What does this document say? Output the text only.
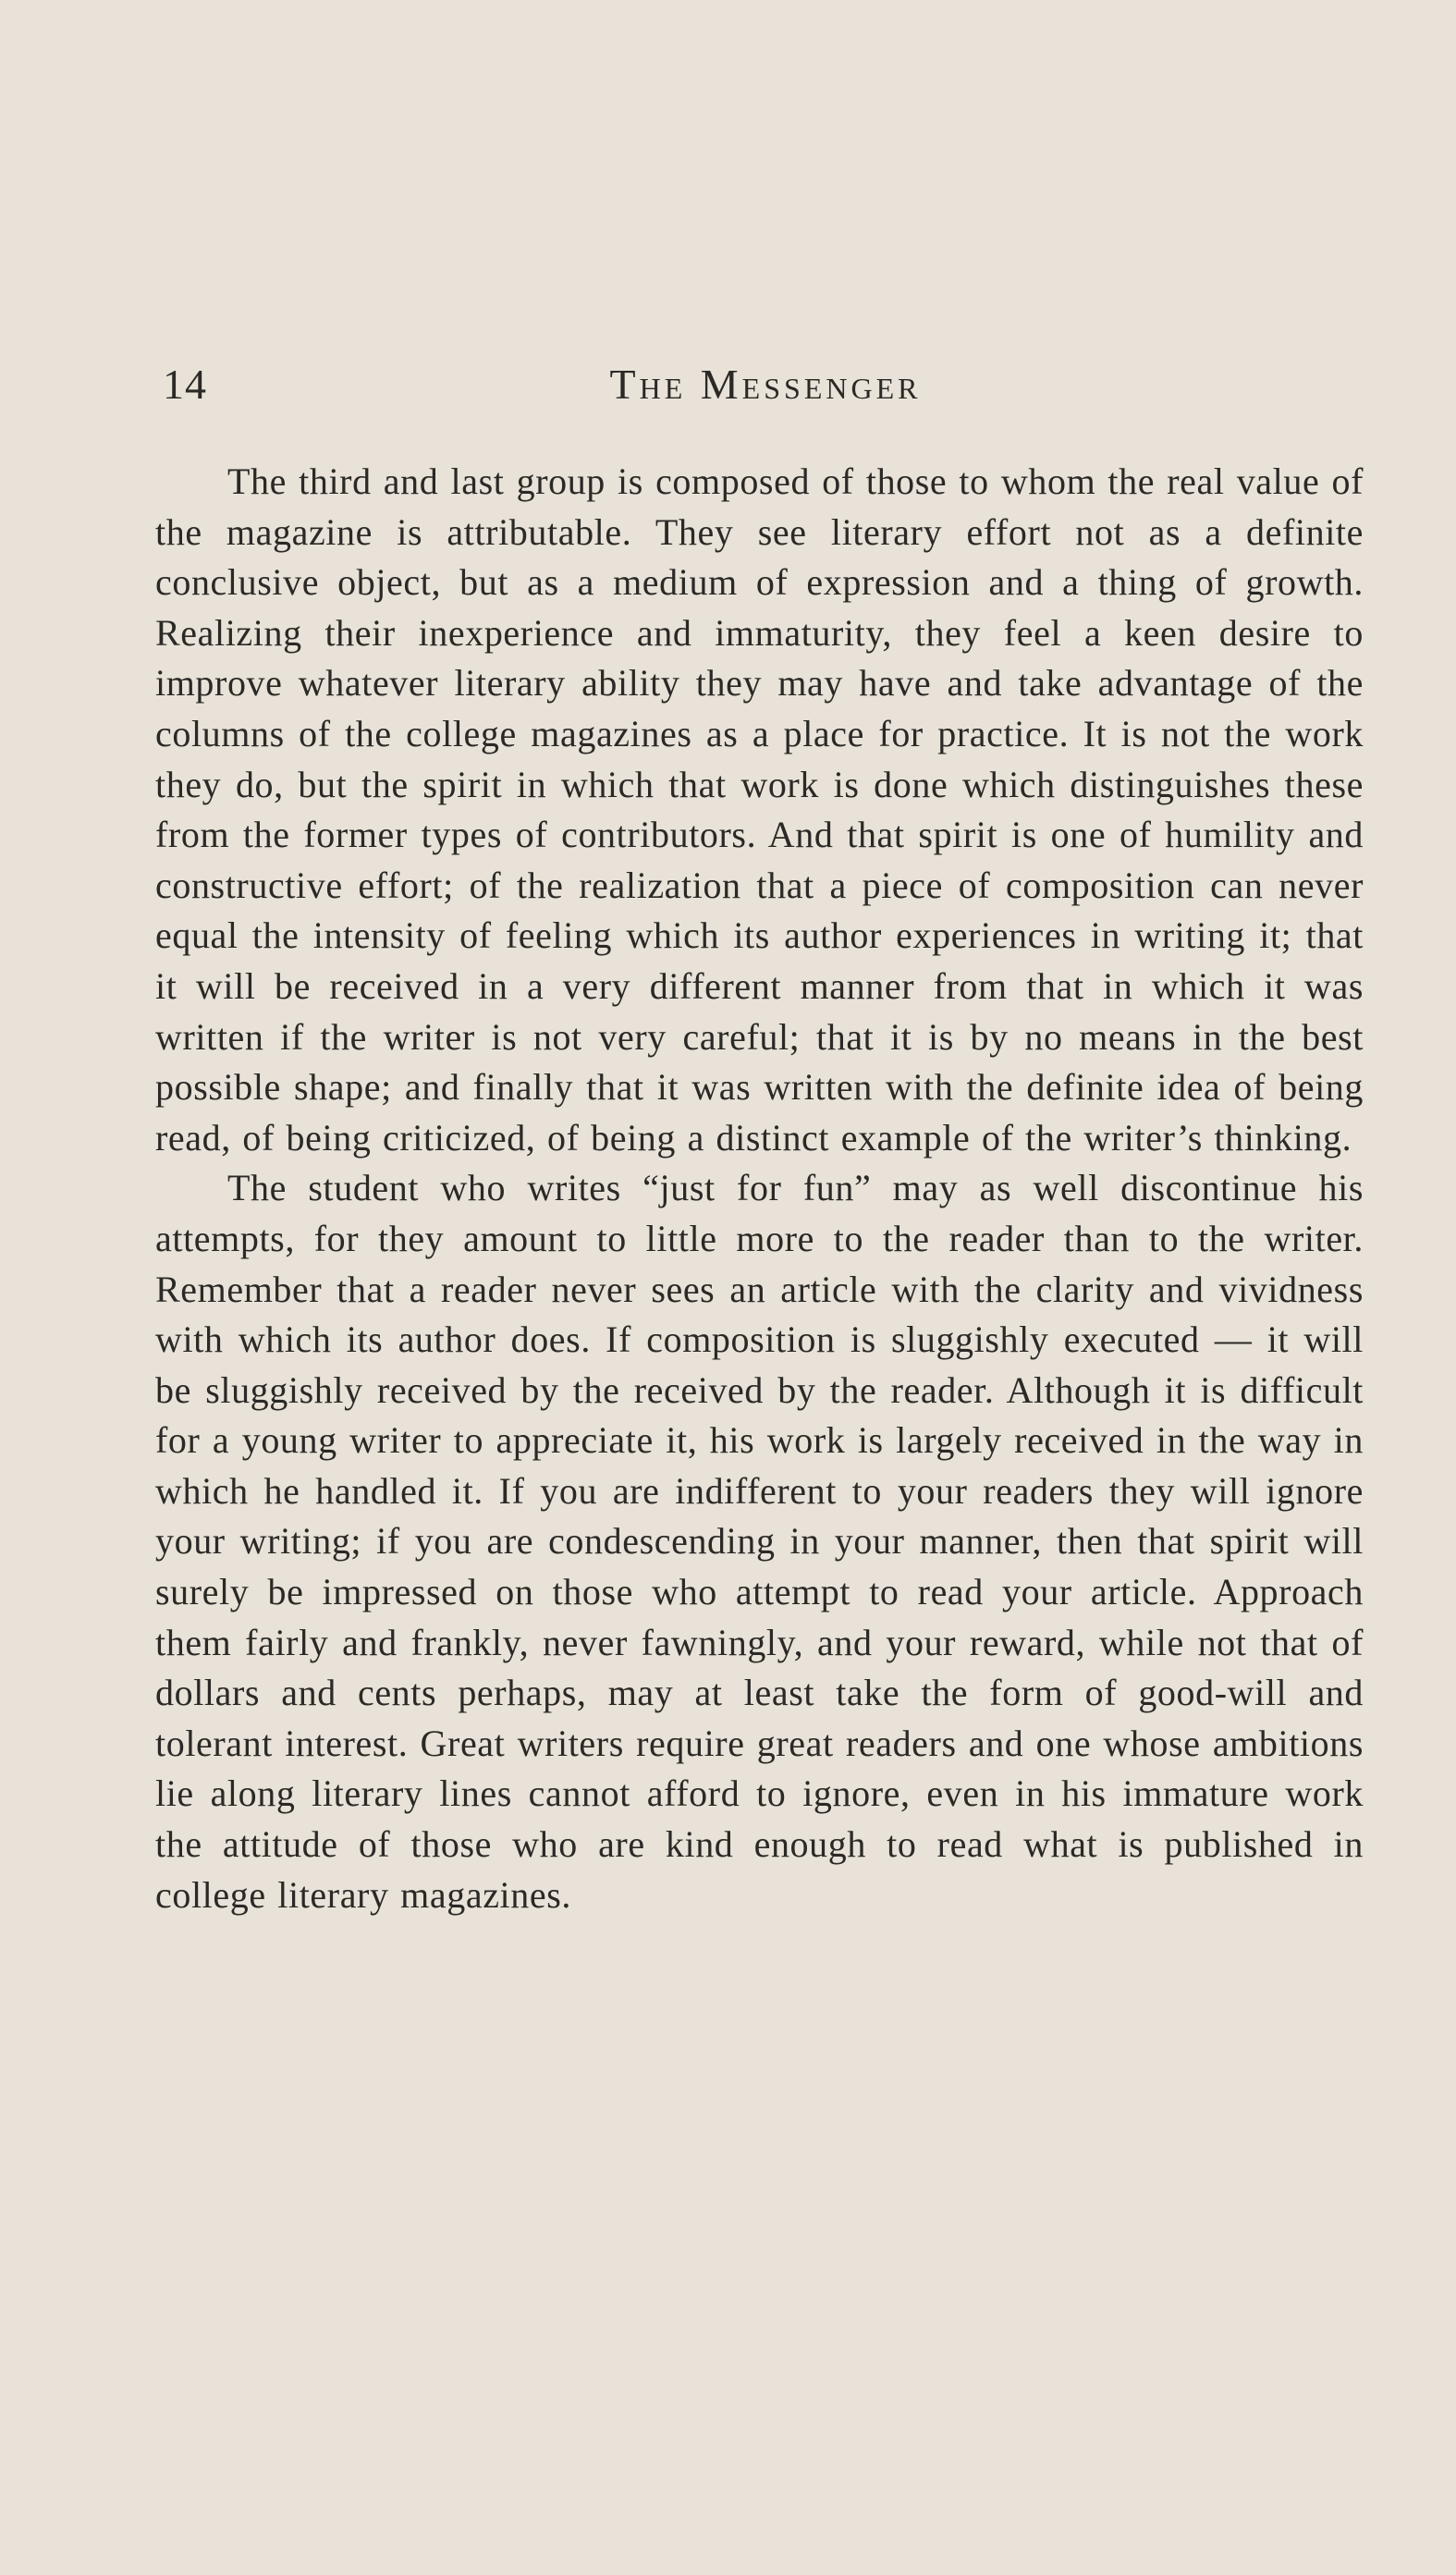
14	The Messenger

The third and last group is composed of those to whom the real value of the magazine is attributable. They see literary effort not as a definite conclusive object, but as a medium of expression and a thing of growth. Realizing their inexperience and immaturity, they feel a keen desire to improve whatever literary ability they may have and take advantage of the columns of the college magazines as a place for practice. It is not the work they do, but the spirit in which that work is done which distinguishes these from the former types of contributors. And that spirit is one of humility and constructive effort; of the realization that a piece of composition can never equal the intensity of feeling which its author experiences in writing it; that it will be received in a very different manner from that in which it was written if the writer is not very careful; that it is by no means in the best possible shape; and finally that it was written with the definite idea of being read, of being criticized, of being a distinct example of the writer’s thinking.

The student who writes “just for fun” may as well discontinue his attempts, for they amount to little more to the reader than to the writer. Remember that a reader never sees an article with the clarity and vividness with which its author does. If composition is sluggishly executed — it will be sluggishly received by the received by the reader. Although it is difficult for a young writer to appreciate it, his work is largely received in the way in which he handled it. If you are indifferent to your readers they will ignore your writing; if you are condescending in your manner, then that spirit will surely be impressed on those who attempt to read your article. Approach them fairly and frankly, never fawningly, and your reward, while not that of dollars and cents perhaps, may at least take the form of good-will and tolerant interest. Great writers require great readers and one whose ambitions lie along literary lines cannot afford to ignore, even in his immature work the attitude of those who are kind enough to read what is published in college literary magazines.
